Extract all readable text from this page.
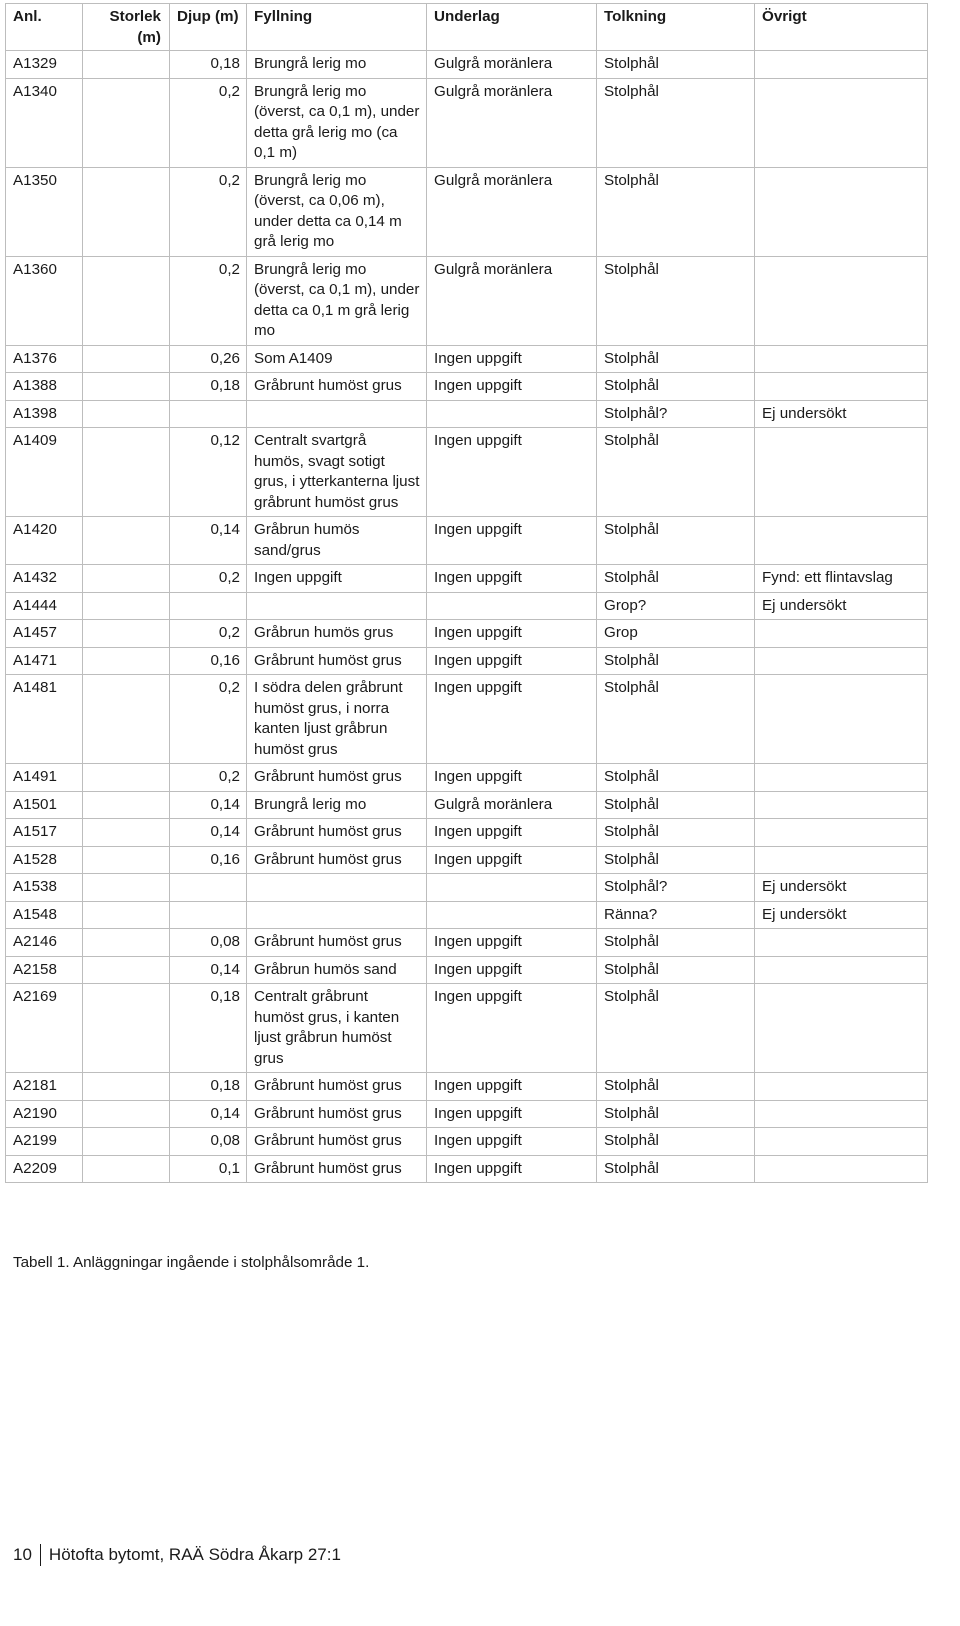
Anl.	Storlek (m)	Djup (m)	Fyllning	Underlag	Tolkning	Övrigt
A1329		0,18	Brungrå lerig mo	Gulgrå moränlera	Stolphål	
A1340		0,2	Brungrå lerig mo (överst, ca 0,1 m), under detta grå lerig mo (ca 0,1 m)	Gulgrå moränlera	Stolphål	
A1350		0,2	Brungrå lerig mo (överst, ca 0,06 m), under detta ca 0,14 m grå lerig mo	Gulgrå moränlera	Stolphål	
A1360		0,2	Brungrå lerig mo (överst, ca 0,1 m), under detta ca 0,1 m grå lerig mo	Gulgrå moränlera	Stolphål	
A1376		0,26	Som A1409	Ingen uppgift	Stolphål	
A1388		0,18	Gråbrunt humöst grus	Ingen uppgift	Stolphål	
A1398					Stolphål?	Ej undersökt
A1409		0,12	Centralt svartgrå humös, svagt sotigt grus, i ytterkanterna ljust gråbrunt humöst grus	Ingen uppgift	Stolphål	
A1420		0,14	Gråbrun humös sand/grus	Ingen uppgift	Stolphål	
A1432		0,2	Ingen uppgift	Ingen uppgift	Stolphål	Fynd: ett flintavslag
A1444					Grop?	Ej undersökt
A1457		0,2	Gråbrun humös grus	Ingen uppgift	Grop	
A1471		0,16	Gråbrunt humöst grus	Ingen uppgift	Stolphål	
A1481		0,2	I södra delen gråbrunt humöst grus, i norra kanten ljust gråbrun humöst grus	Ingen uppgift	Stolphål	
A1491		0,2	Gråbrunt humöst grus	Ingen uppgift	Stolphål	
A1501		0,14	Brungrå lerig mo	Gulgrå moränlera	Stolphål	
A1517		0,14	Gråbrunt humöst grus	Ingen uppgift	Stolphål	
A1528		0,16	Gråbrunt humöst grus	Ingen uppgift	Stolphål	
A1538					Stolphål?	Ej undersökt
A1548					Ränna?	Ej undersökt
A2146		0,08	Gråbrunt humöst grus	Ingen uppgift	Stolphål	
A2158		0,14	Gråbrun humös sand	Ingen uppgift	Stolphål	
A2169		0,18	Centralt gråbrunt humöst grus, i kanten ljust gråbrun humöst grus	Ingen uppgift	Stolphål	
A2181		0,18	Gråbrunt humöst grus	Ingen uppgift	Stolphål	
A2190		0,14	Gråbrunt humöst grus	Ingen uppgift	Stolphål	
A2199		0,08	Gråbrunt humöst grus	Ingen uppgift	Stolphål	
A2209		0,1	Gråbrunt humöst grus	Ingen uppgift	Stolphål	
Tabell 1. Anläggningar ingående i stolphålsområde 1.
10 Hötofta bytomt, RAÄ Södra Åkarp 27:1
